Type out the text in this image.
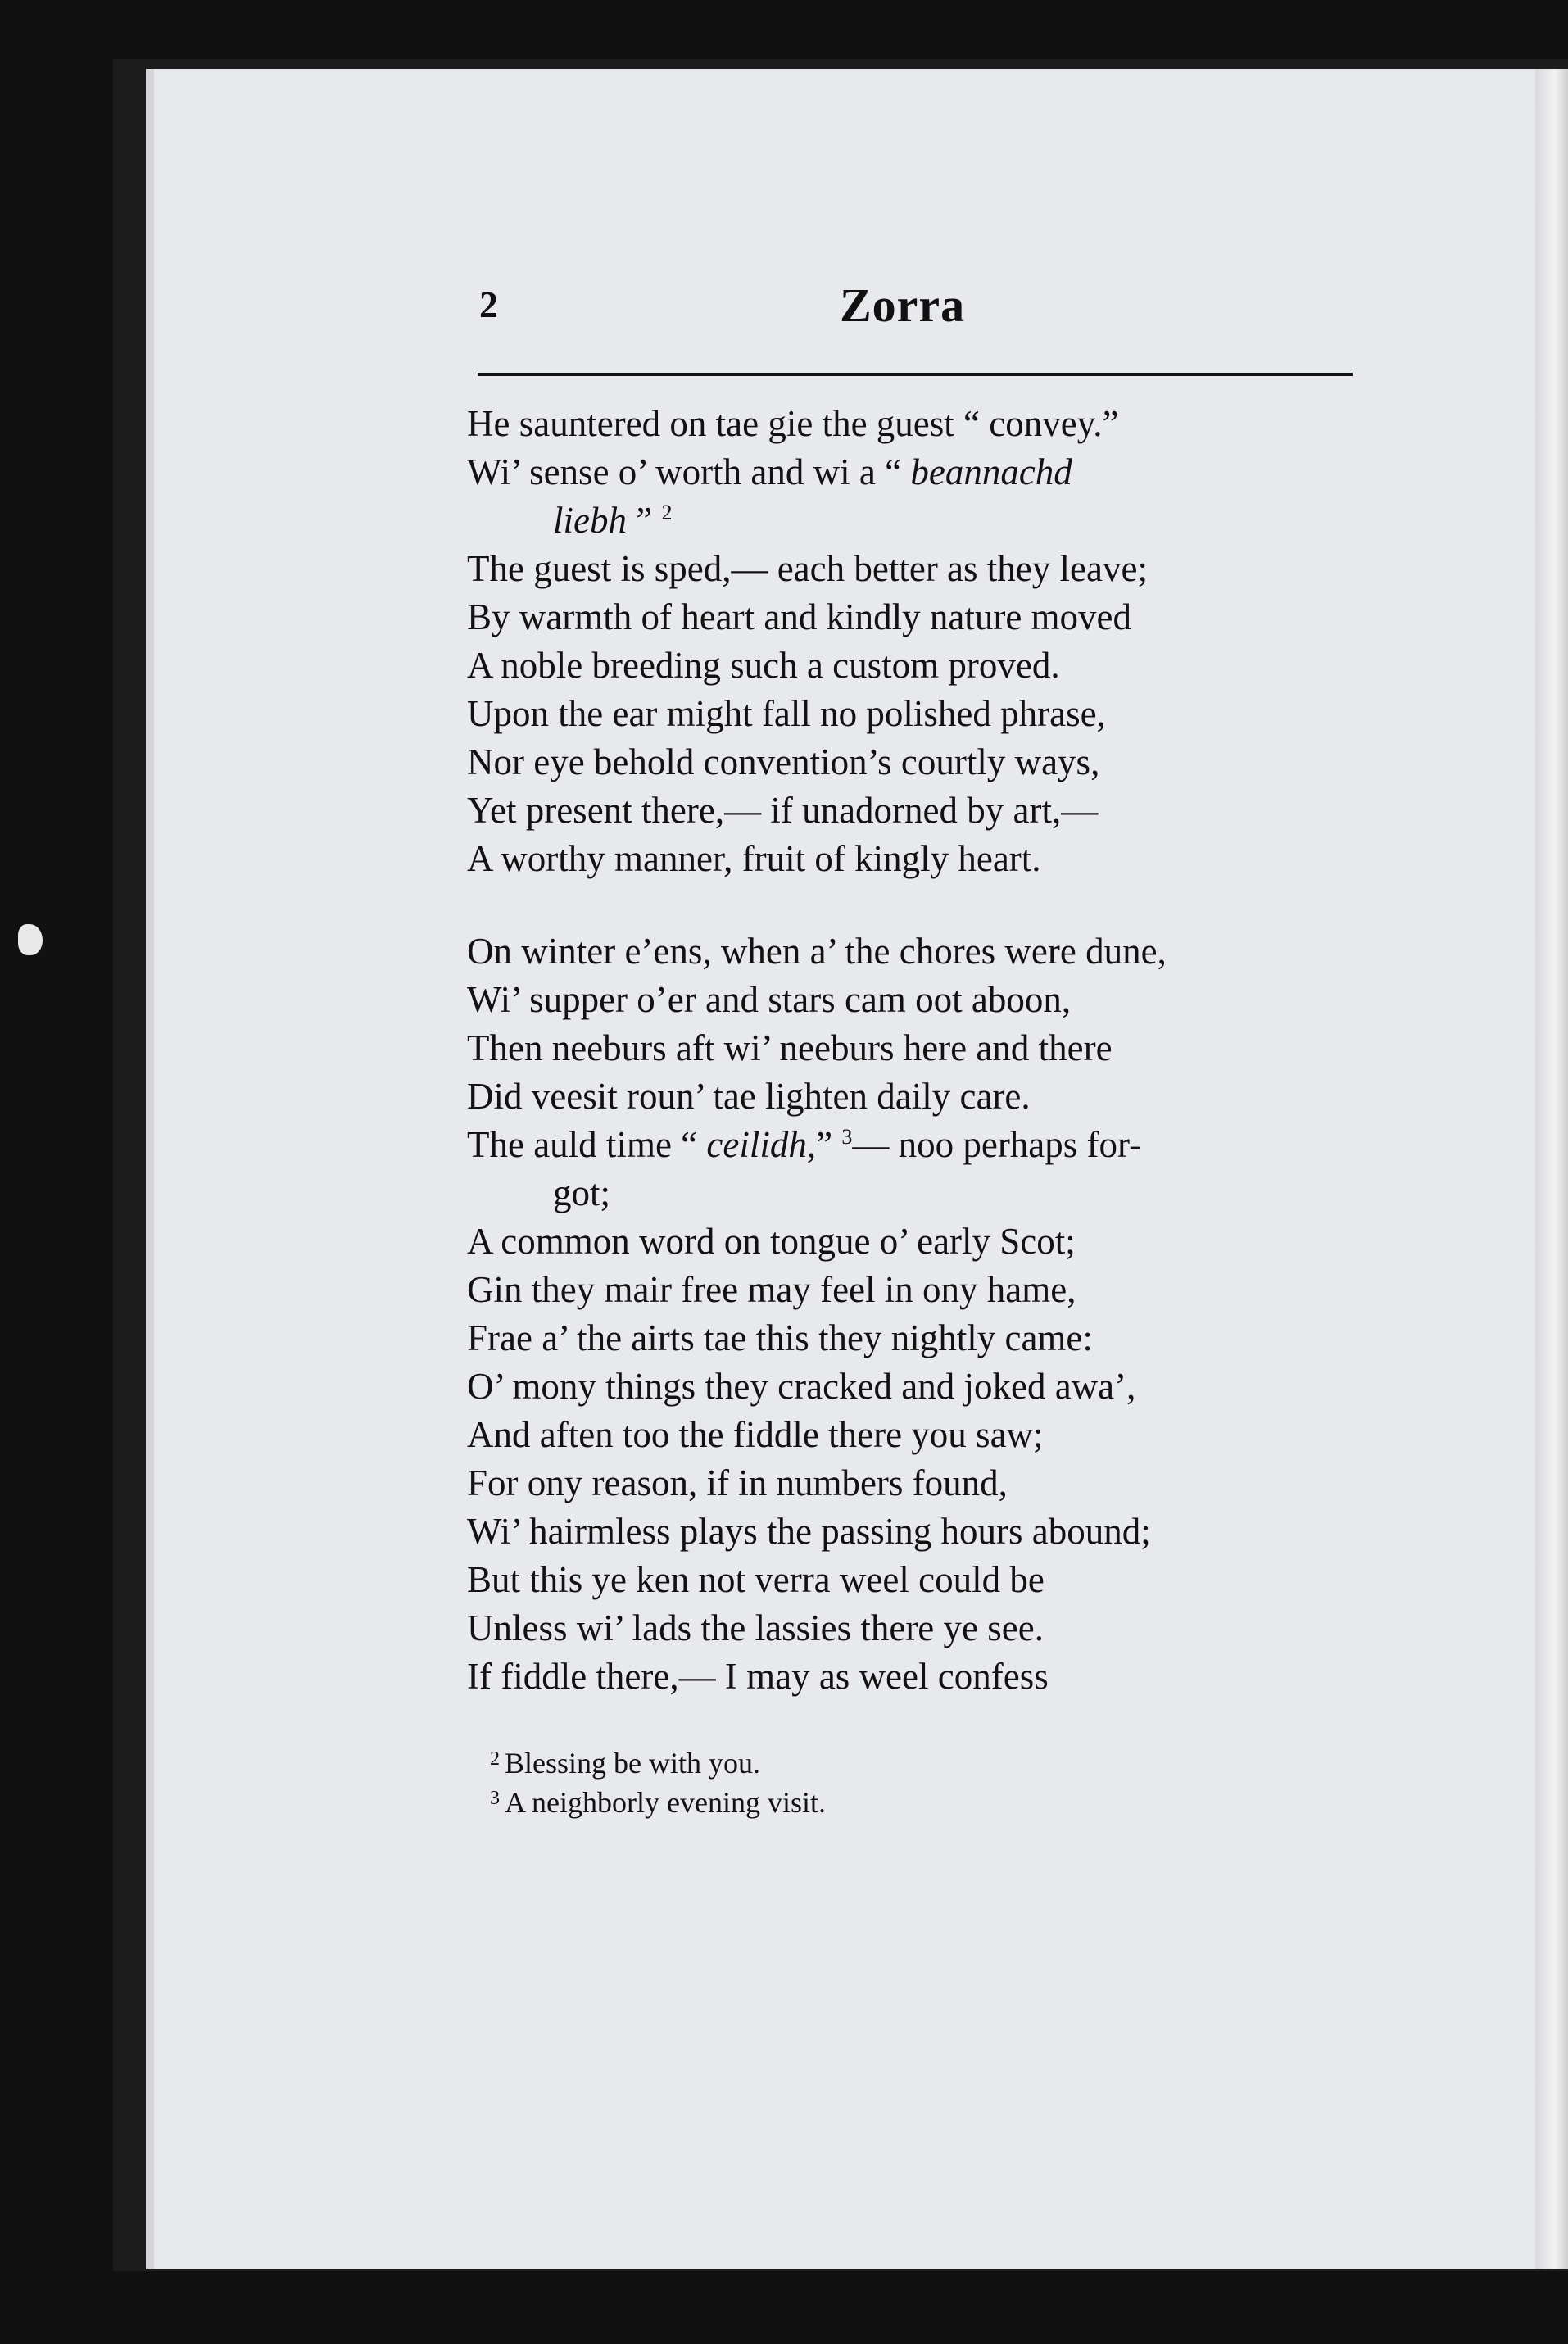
2	Zorra
He sauntered on tae gie the guest “ convey.”
Wi’ sense o’ worth and wi a “ beannachd
liebh ” $^2$
The guest is sped,— each better as they leave;
By warmth of heart and kindly nature moved
A noble breeding such a custom proved.
Upon the ear might fall no polished phrase,
Nor eye behold convention’s courtly ways,
Yet present there,— if unadorned by art,—
A worthy manner, fruit of kingly heart.
On winter e’ens, when a’ the chores were dune,
Wi’ supper o’er and stars cam oot aboon,
Then neeburs aft wi’ neeburs here and there
Did veesit roun’ tae lighten daily care.
The auld time “ ceilidh,” $^3$— noo perhaps for-
got;
A common word on tongue o’ early Scot;
Gin they mair free may feel in ony hame,
Frae a’ the airts tae this they nightly came:
O’ mony things they cracked and joked awa’,
And aften too the fiddle there you saw;
For ony reason, if in numbers found,
Wi’ hairmless plays the passing hours abound;
But this ye ken not verra weel could be
Unless wi’ lads the lassies there ye see.
If fiddle there,— I may as weel confess
$^2$ Blessing be with you.
$^3$ A neighborly evening visit.
